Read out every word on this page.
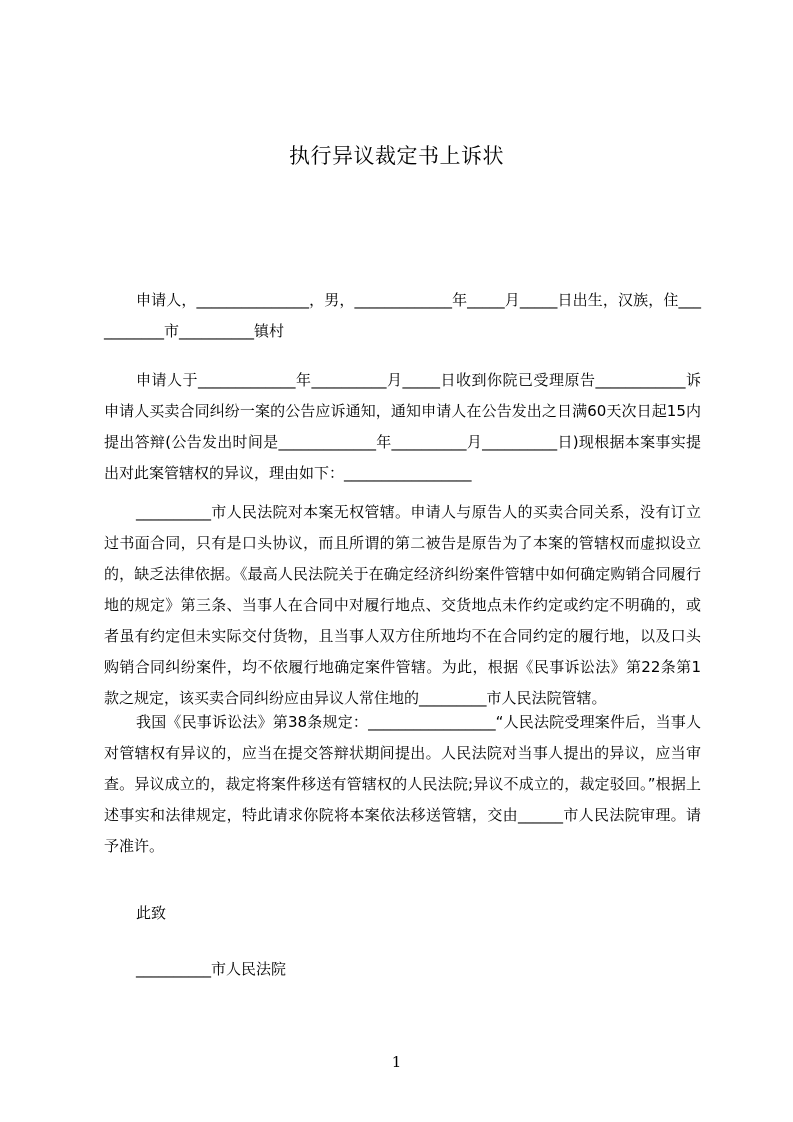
执行异议裁定书上诉状

申请人，_______________，男，_____________年_____月_____日出生，汉族，住___________市__________镇村

申请人于_____________年__________月_____日收到你院已受理原告____________诉申请人买卖合同纠纷一案的公告应诉通知，通知申请人在公告发出之日满60天次日起15内提出答辩(公告发出时间是_____________年__________月__________日)现根据本案事实提出对此案管辖权的异议，理由如下：_________________

__________市人民法院对本案无权管辖。申请人与原告人的买卖合同关系，没有订立过书面合同，只有是口头协议，而且所谓的第二被告是原告为了本案的管辖权而虚拟设立的，缺乏法律依据。《最高人民法院关于在确定经济纠纷案件管辖中如何确定购销合同履行地的规定》第三条、当事人在合同中对履行地点、交货地点未作约定或约定不明确的，或者虽有约定但未实际交付货物，且当事人双方住所地均不在合同约定的履行地，以及口头购销合同纠纷案件，均不依履行地确定案件管辖。为此，根据《民事诉讼法》第22条第1款之规定，该买卖合同纠纷应由异议人常住地的_________市人民法院管辖。

我国《民事诉讼法》第38条规定：_________________“人民法院受理案件后，当事人对管辖权有异议的，应当在提交答辩状期间提出。人民法院对当事人提出的异议，应当审查。异议成立的，裁定将案件移送有管辖权的人民法院;异议不成立的，裁定驳回。”根据上述事实和法律规定，特此请求你院将本案依法移送管辖，交由______市人民法院审理。请予准许。

此致

__________市人民法院

1
